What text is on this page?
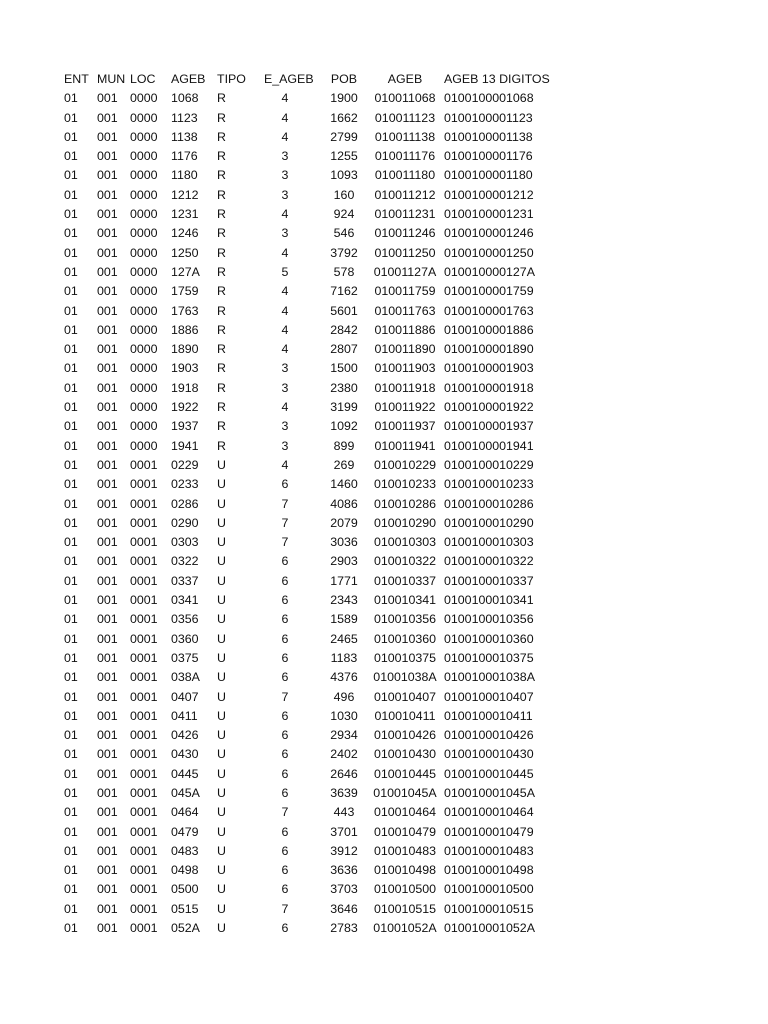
ENT MUN LOC AGEB TIPO E_AGEB	POB	AGEB	AGEB 13 DIGITOS
01 001 0000 1068 R	4	1900	010011068 0100100001068
01 001 0000 1123 R	4	1662	010011123 0100100001123
01 001 0000 1138 R	4	2799	010011138 0100100001138
01 001 0000 1176 R	3	1255	010011176 0100100001176
01 001 0000 1180 R	3	1093	010011180 0100100001180
01 001 0000 1212 R	3	160	010011212 0100100001212
01 001 0000 1231 R	4	924	010011231 0100100001231
01 001 0000 1246 R	3	546	010011246 0100100001246
01 001 0000 1250 R	4	3792	010011250 0100100001250
01 001 0000 127A R	5	578	01001127A 010010000127A
01 001 0000 1759 R	4	7162	010011759 0100100001759
01 001 0000 1763 R	4	5601	010011763 0100100001763
01 001 0000 1886 R	4	2842	010011886 0100100001886
01 001 0000 1890 R	4	2807	010011890 0100100001890
01 001 0000 1903 R	3	1500	010011903 0100100001903
01 001 0000 1918 R	3	2380	010011918 0100100001918
01 001 0000 1922 R	4	3199	010011922 0100100001922
01 001 0000 1937 R	3	1092	010011937 0100100001937
01 001 0000 1941 R	3	899	010011941 0100100001941
01 001 0001 0229 U	4	269	010010229 0100100010229
01 001 0001 0233 U	6	1460	010010233 0100100010233
01 001 0001 0286 U	7	4086	010010286 0100100010286
01 001 0001 0290 U	7	2079	010010290 0100100010290
01 001 0001 0303 U	7	3036	010010303 0100100010303
01 001 0001 0322 U	6	2903	010010322 0100100010322
01 001 0001 0337 U	6	1771	010010337 0100100010337
01 001 0001 0341 U	6	2343	010010341 0100100010341
01 001 0001 0356 U	6	1589	010010356 0100100010356
01 001 0001 0360 U	6	2465	010010360 0100100010360
01 001 0001 0375 U	6	1183	010010375 0100100010375
01 001 0001 038A U	6	4376	01001038A 010010001038A
01 001 0001 0407 U	7	496	010010407 0100100010407
01 001 0001 0411 U	6	1030	010010411 0100100010411
01 001 0001 0426 U	6	2934	010010426 0100100010426
01 001 0001 0430 U	6	2402	010010430 0100100010430
01 001 0001 0445 U	6	2646	010010445 0100100010445
01 001 0001 045A U	6	3639	01001045A 010010001045A
01 001 0001 0464 U	7	443	010010464 0100100010464
01 001 0001 0479 U	6	3701	010010479 0100100010479
01 001 0001 0483 U	6	3912	010010483 0100100010483
01 001 0001 0498 U	6	3636	010010498 0100100010498
01 001 0001 0500 U	6	3703	010010500 0100100010500
01 001 0001 0515 U	7	3646	010010515 0100100010515
01 001 0001 052A U	6	2783	01001052A 010010001052A
